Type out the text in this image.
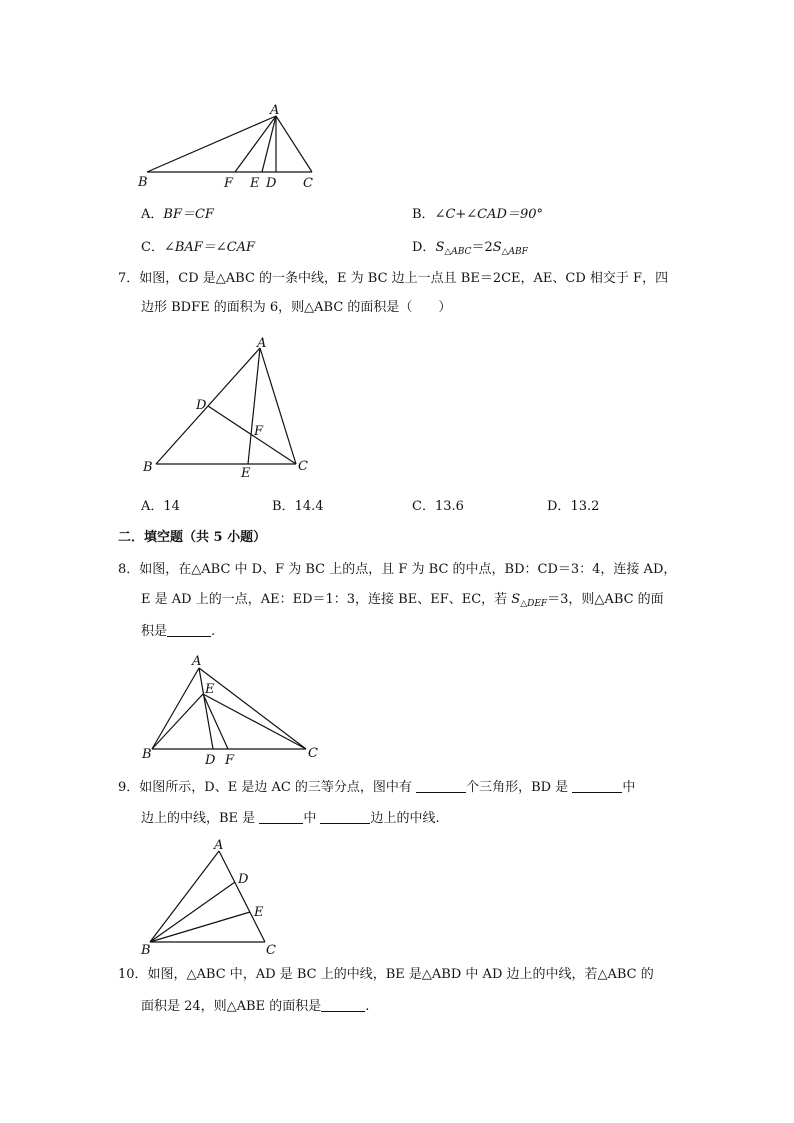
A
B	F E D C
A．BF＝CF	B．∠C+∠CAD＝90°
C．∠BAF＝∠CAF	D．$S_{\triangle ABC}=2S_{\triangle ABF}$
7．如图，CD 是△ABC 的一条中线，E 为 BC 边上一点且 BE＝2CE，AE、CD 相交于 F，四
边形 BDFE 的面积为 6，则△ABC 的面积是（　　）
A
B	C
D
E
F
A．14	B．14.4	C．13.6	D．13.2
二．填空题（共 5 小题）
8．如图，在△ABC 中 D、F 为 BC 上的点，且 F 为 BC 的中点，BD：CD＝3：4，连接 AD，
E 是 AD 上的一点，AE：ED＝1：3，连接 BE、EF、EC，若 $S_{\triangle DEF}=3$，则△ABC 的面
积是	.
A
E
B	D F	C
9．如图所示，D、E 是边 AC 的三等分点，图中有	个三角形，BD 是	中
边上的中线，BE 是	中	边上的中线.
A
D
E
B	C
10．如图，△ABC 中，AD 是 BC 上的中线，BE 是△ABD 中 AD 边上的中线，若△ABC 的
面积是 24，则△ABE 的面积是	.
